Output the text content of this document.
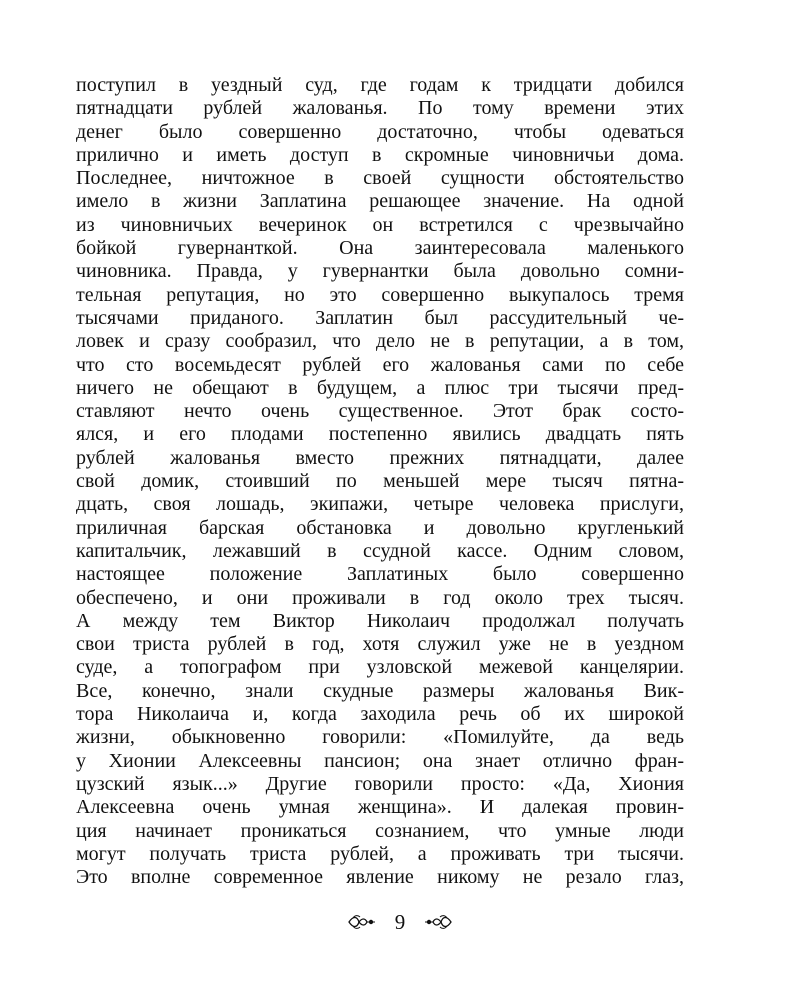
поступил в уездный суд, где годам к тридцати добился
пятнадцати рублей жалованья. По тому времени этих
денег было совершенно достаточно, чтобы одеваться
прилично и иметь доступ в скромные чиновничьи дома.
Последнее, ничтожное в своей сущности обстоятельство
имело в жизни Заплатина решающее значение. На одной
из чиновничьих вечеринок он встретился с чрезвычайно
бойкой гувернанткой. Она заинтересовала маленького
чиновника. Правда, у гувернантки была довольно сомни-
тельная репутация, но это совершенно выкупалось тремя
тысячами приданого. Заплатин был рассудительный че-
ловек и сразу сообразил, что дело не в репутации, а в том,
что сто восемьдесят рублей его жалованья сами по себе
ничего не обещают в будущем, а плюс три тысячи пред-
ставляют нечто очень существенное. Этот брак состо-
ялся, и его плодами постепенно явились двадцать пять
рублей жалованья вместо прежних пятнадцати, далее
свой домик, стоивший по меньшей мере тысяч пятна-
дцать, своя лошадь, экипажи, четыре человека прислуги,
приличная барская обстановка и довольно кругленький
капитальчик, лежавший в ссудной кассе. Одним словом,
настоящее положение Заплатиных было совершенно
обеспечено, и они проживали в год около трех тысяч.
А между тем Виктор Николаич продолжал получать
свои триста рублей в год, хотя служил уже не в уездном
суде, а топографом при узловской межевой канцелярии.
Все, конечно, знали скудные размеры жалованья Вик-
тора Николаича и, когда заходила речь об их широкой
жизни, обыкновенно говорили: «Помилуйте, да ведь
у Хионии Алексеевны пансион; она знает отлично фран-
цузский язык...» Другие говорили просто: «Да, Хиония
Алексеевна очень умная женщина». И далекая провин-
ция начинает проникаться сознанием, что умные люди
могут получать триста рублей, а проживать три тысячи.
Это вполне современное явление никому не резало глаз,
9
